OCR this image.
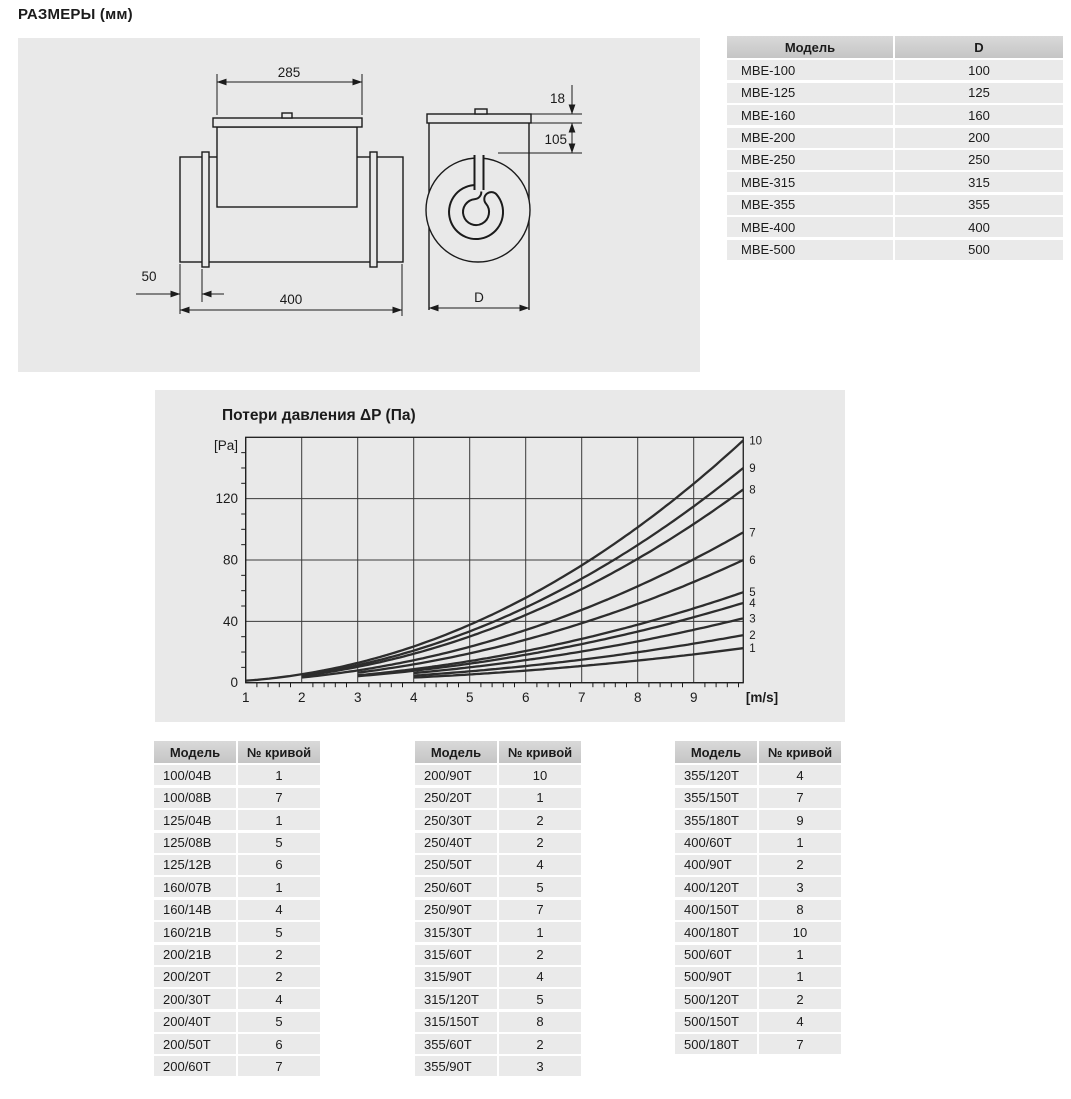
РАЗМЕРЫ (мм)
285
50
400	D
18
105
Модель	D
MBE-100	100
MBE-125	125
MBE-160	160
MBE-200	200
MBE-250	250
MBE-315	315
MBE-355	355
MBE-400	400
MBE-500	500
Потери давления ΔP (Па)
1	2	3	4	5	6	7	8	9
0
40
80
120
[m/s]
[Pa]
1
2
3
4
5
6
7
8
9
10
Модель	№ кривой
100/04B	1
100/08B	7
125/04B	1
125/08B	5
125/12B	6
160/07B	1
160/14B	4
160/21B	5
200/21B	2
200/20T	2
200/30T	4
200/40T	5
200/50T	6
200/60T	7
Модель	№ кривой
200/90T	10
250/20T	1
250/30T	2
250/40T	2
250/50T	4
250/60T	5
250/90T	7
315/30T	1
315/60T	2
315/90T	4
315/120T	5
315/150T	8
355/60T	2
355/90T	3
Модель	№ кривой
355/120T	4
355/150T	7
355/180T	9
400/60T	1
400/90T	2
400/120T	3
400/150T	8
400/180T	10
500/60T	1
500/90T	1
500/120T	2
500/150T	4
500/180T	7
